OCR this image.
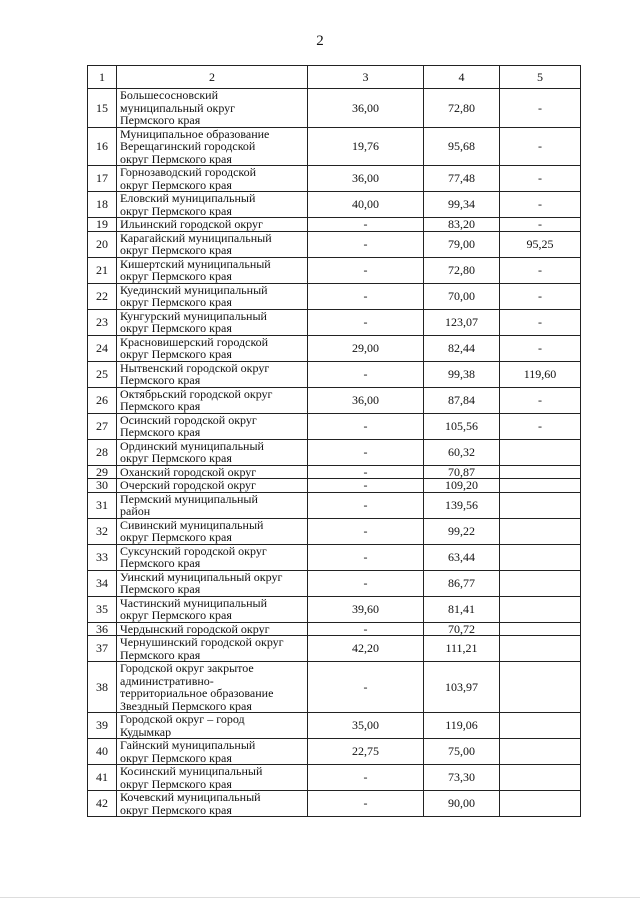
2
1	2	3	4	5
15	Большесосновский
муниципальный округ
Пермского края	36,00	72,80	-
16	Муниципальное образование
Верещагинский городской
округ Пермского края	19,76	95,68	-
17	Горнозаводский городской
округ Пермского края	36,00	77,48	-
18	Еловский муниципальный
округ Пермского края	40,00	99,34	-
19	Ильинский городской округ	-	83,20	-
20	Карагайский муниципальный
округ Пермского края	-	79,00	95,25
21	Кишертский муниципальный
округ Пермского края	-	72,80	-
22	Куединский муниципальный
округ Пермского края	-	70,00	-
23	Кунгурский муниципальный
округ Пермского края	-	123,07	-
24	Красновишерский городской
округ Пермского края	29,00	82,44	-
25	Нытвенский городской округ
Пермского края	-	99,38	119,60
26	Октябрьский городской округ
Пермского края	36,00	87,84	-
27	Осинский городской округ
Пермского края	-	105,56	-
28	Ординский муниципальный
округ Пермского края	-	60,32	
29	Оханский городской округ	-	70,87	
30	Очерский городской округ	-	109,20	
31	Пермский муниципальный
район	-	139,56	
32	Сивинский муниципальный
округ Пермского края	-	99,22	
33	Суксунский городской округ
Пермского края	-	63,44	
34	Уинский муниципальный округ
Пермского края	-	86,77	
35	Частинский муниципальный
округ Пермского края	39,60	81,41	
36	Чердынский городской округ	-	70,72	
37	Чернушинский городской округ
Пермского края	42,20	111,21	
38	Городской округ закрытое
административно-
территориальное образование
Звездный Пермского края	-	103,97	
39	Городской округ – город
Кудымкар	35,00	119,06	
40	Гайнский муниципальный
округ Пермского края	22,75	75,00	
41	Косинский муниципальный
округ Пермского края	-	73,30	
42	Кочевский муниципальный
округ Пермского края	-	90,00	
